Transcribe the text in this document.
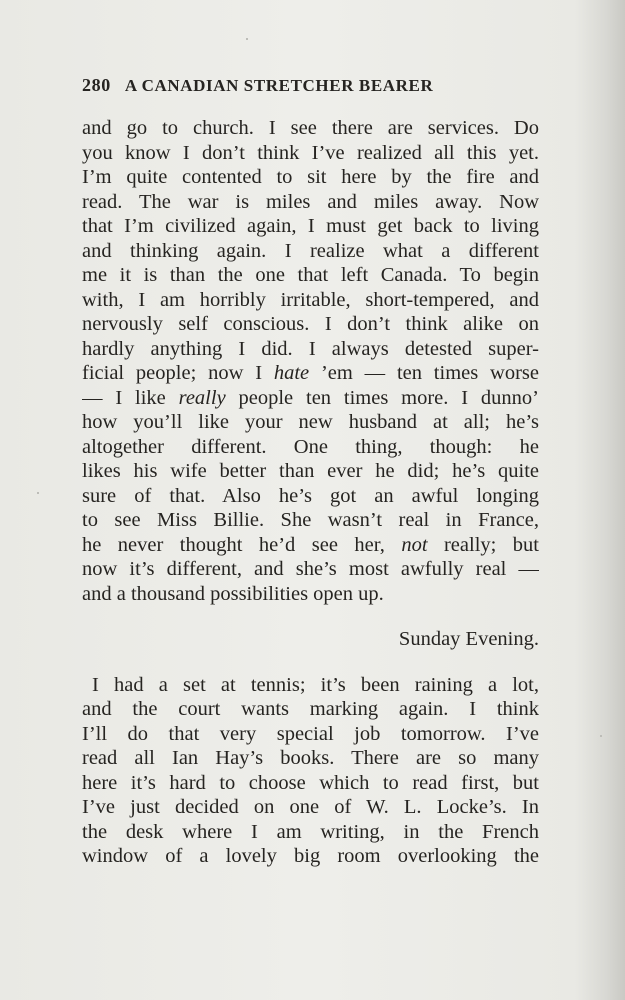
280 A CANADIAN STRETCHER BEARER
and go to church. I see there are services. Do
you know I don’t think I’ve realized all this yet.
I’m quite contented to sit here by the fire and
read. The war is miles and miles away. Now
that I’m civilized again, I must get back to living
and thinking again. I realize what a different
me it is than the one that left Canada. To begin
with, I am horribly irritable, short-tempered, and
nervously self conscious. I don’t think alike on
hardly anything I did. I always detested super-
ficial people; now I hate ’em — ten times worse
— I like really people ten times more. I dunno’
how you’ll like your new husband at all; he’s
altogether different. One thing, though: he
likes his wife better than ever he did; he’s quite
sure of that. Also he’s got an awful longing
to see Miss Billie. She wasn’t real in France,
he never thought he’d see her, not really; but
now it’s different, and she’s most awfully real —
and a thousand possibilities open up.
Sunday Evening.
I had a set at tennis; it’s been raining a lot,
and the court wants marking again. I think
I’ll do that very special job tomorrow. I’ve
read all Ian Hay’s books. There are so many
here it’s hard to choose which to read first, but
I’ve just decided on one of W. L. Locke’s. In
the desk where I am writing, in the French
window of a lovely big room overlooking the
